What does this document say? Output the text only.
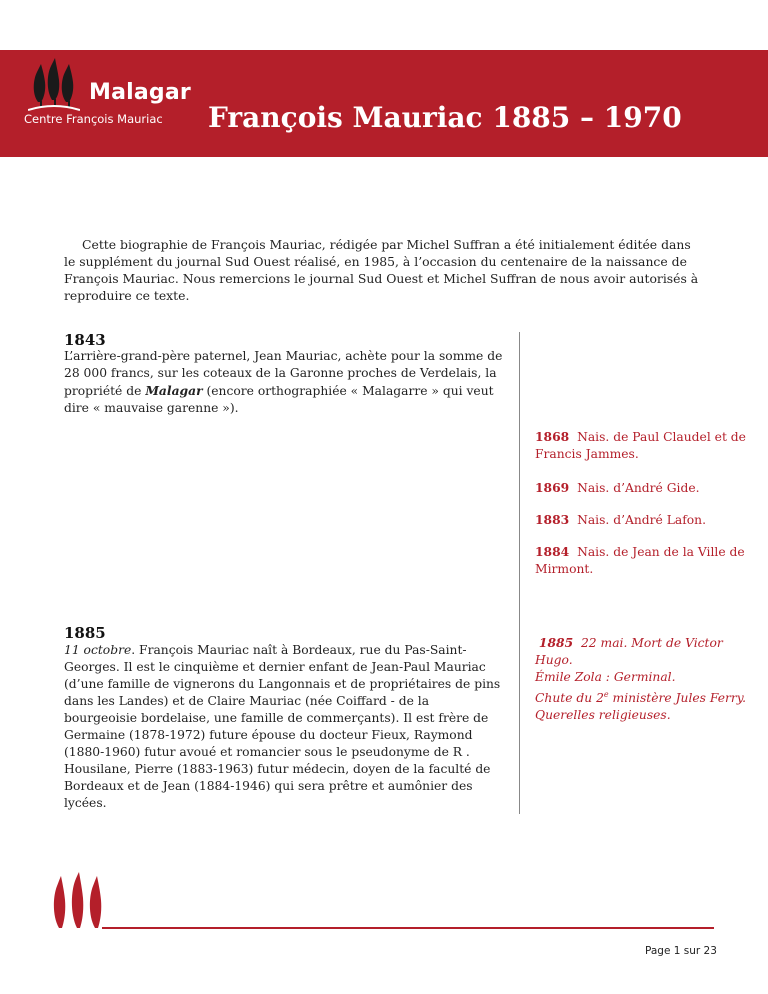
Malagar
Centre François Mauriac François Mauriac 1885 – 1970

Cette biographie de François Mauriac, rédigée par Michel Suffran a été initialement éditée dans le supplément du journal Sud Ouest réalisé, en 1985, à l’occasion du centenaire de la naissance de François Mauriac. Nous remercions le journal Sud Ouest et Michel Suffran de nous avoir autorisés à reproduire ce texte.

1843

L’arrière-grand-père paternel, Jean Mauriac, achète pour la somme de 28 000 francs, sur les coteaux de la Garonne proches de Verdelais, la propriété de Malagar (encore orthographiée « Malagarre » qui veut dire « mauvaise garenne »).

1868 Nais. de Paul Claudel et de Francis Jammes.

1869 Nais. d’André Gide.

1883 Nais. d’André Lafon.

1884 Nais. de Jean de la Ville de Mirmont.

1885

11 octobre. François Mauriac naît à Bordeaux, rue du Pas-Saint-Georges. Il est le cinquième et dernier enfant de Jean-Paul Mauriac (d’une famille de vignerons du Langonnais et de propriétaires de pins dans les Landes) et de Claire Mauriac (née Coiffard - de la bourgeoisie bordelaise, une famille de commerçants). Il est frère de Germaine (1878-1972) future épouse du docteur Fieux, Raymond (1880-1960) futur avoué et romancier sous le pseudonyme de R . Housilane, Pierre (1883-1963) futur médecin, doyen de la faculté de Bordeaux et de Jean (1884-1946) qui sera prêtre et aumônier des lycées.

1885 22 mai. Mort de Victor Hugo.
Émile Zola : Germinal.
Chute du 2e ministère Jules Ferry.
Querelles religieuses.
Page 1 sur 23
